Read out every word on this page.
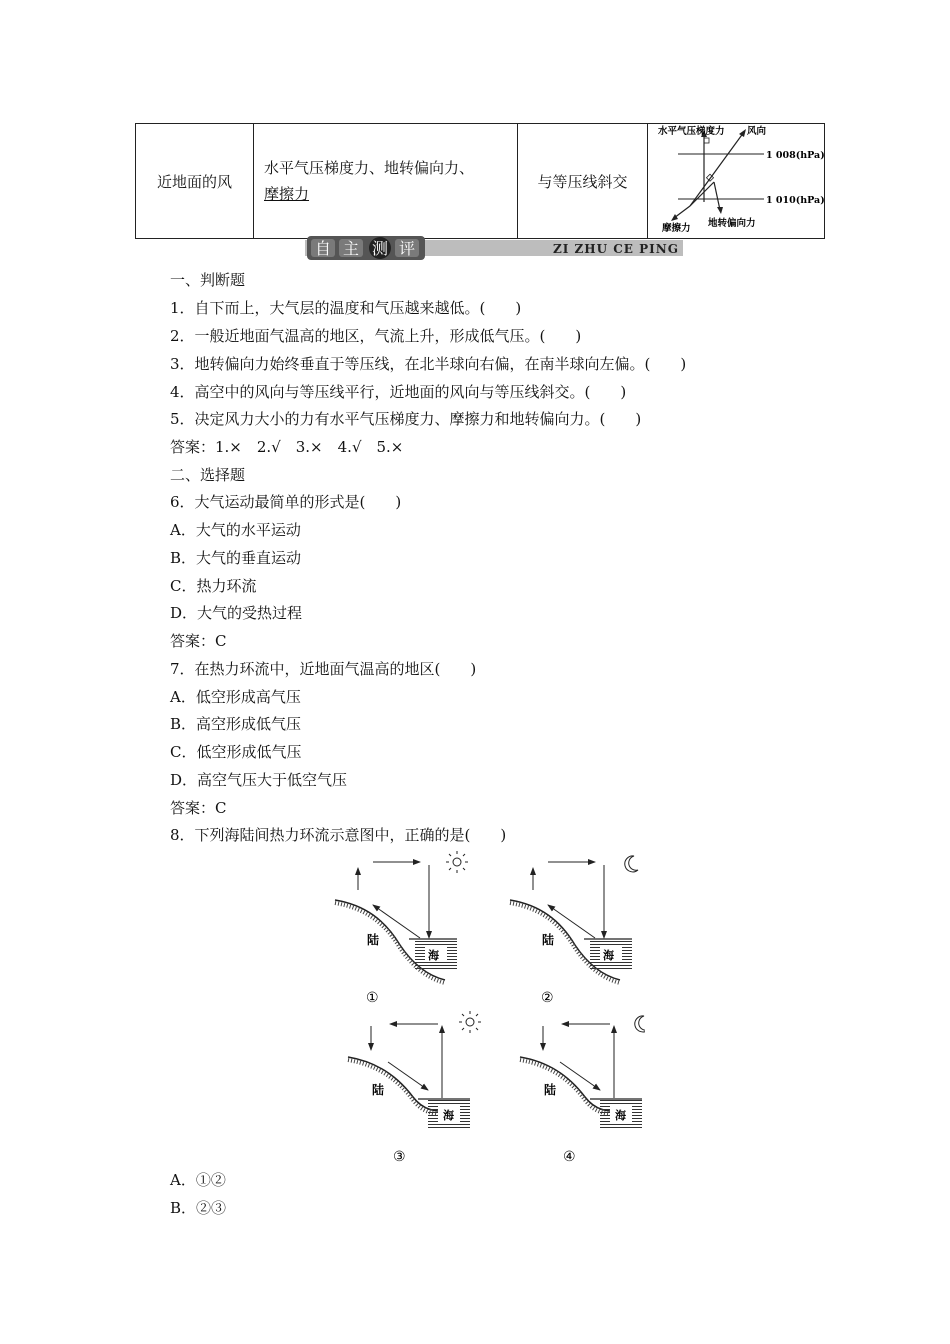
近地面的风	水平气压梯度力、地转偏向力、
摩擦力	与等压线斜交	
水平气压梯度力 风向
1 008(hPa)
1 010(hPa)
摩擦力 地转偏向力
自 主 测 评	ZI ZHU CE PING
一、判断题
1．自下而上，大气层的温度和气压越来越低。(　　)
2．一般近地面气温高的地区，气流上升，形成低气压。(　　)
3．地转偏向力始终垂直于等压线，在北半球向右偏，在南半球向左偏。(　　)
4．高空中的风向与等压线平行，近地面的风向与等压线斜交。(　　)
5．决定风力大小的力有水平气压梯度力、摩擦力和地转偏向力。(　　)
答案：1.×　2.√　3.×　4.√　5.×
二、选择题
6．大气运动最简单的形式是(　　)
A．大气的水平运动
B．大气的垂直运动
C．热力环流
D．大气的受热过程
答案：C
7．在热力环流中，近地面气温高的地区(　　)
A．低空形成高气压
B．高空形成低气压
C．低空形成低气压
D．高空气压大于低空气压
答案：C
8．下列海陆间热力环流示意图中，正确的是(　　)
陆
海
①
陆
海
②
陆
海
③
陆
海
④
A．①②
B．②③
